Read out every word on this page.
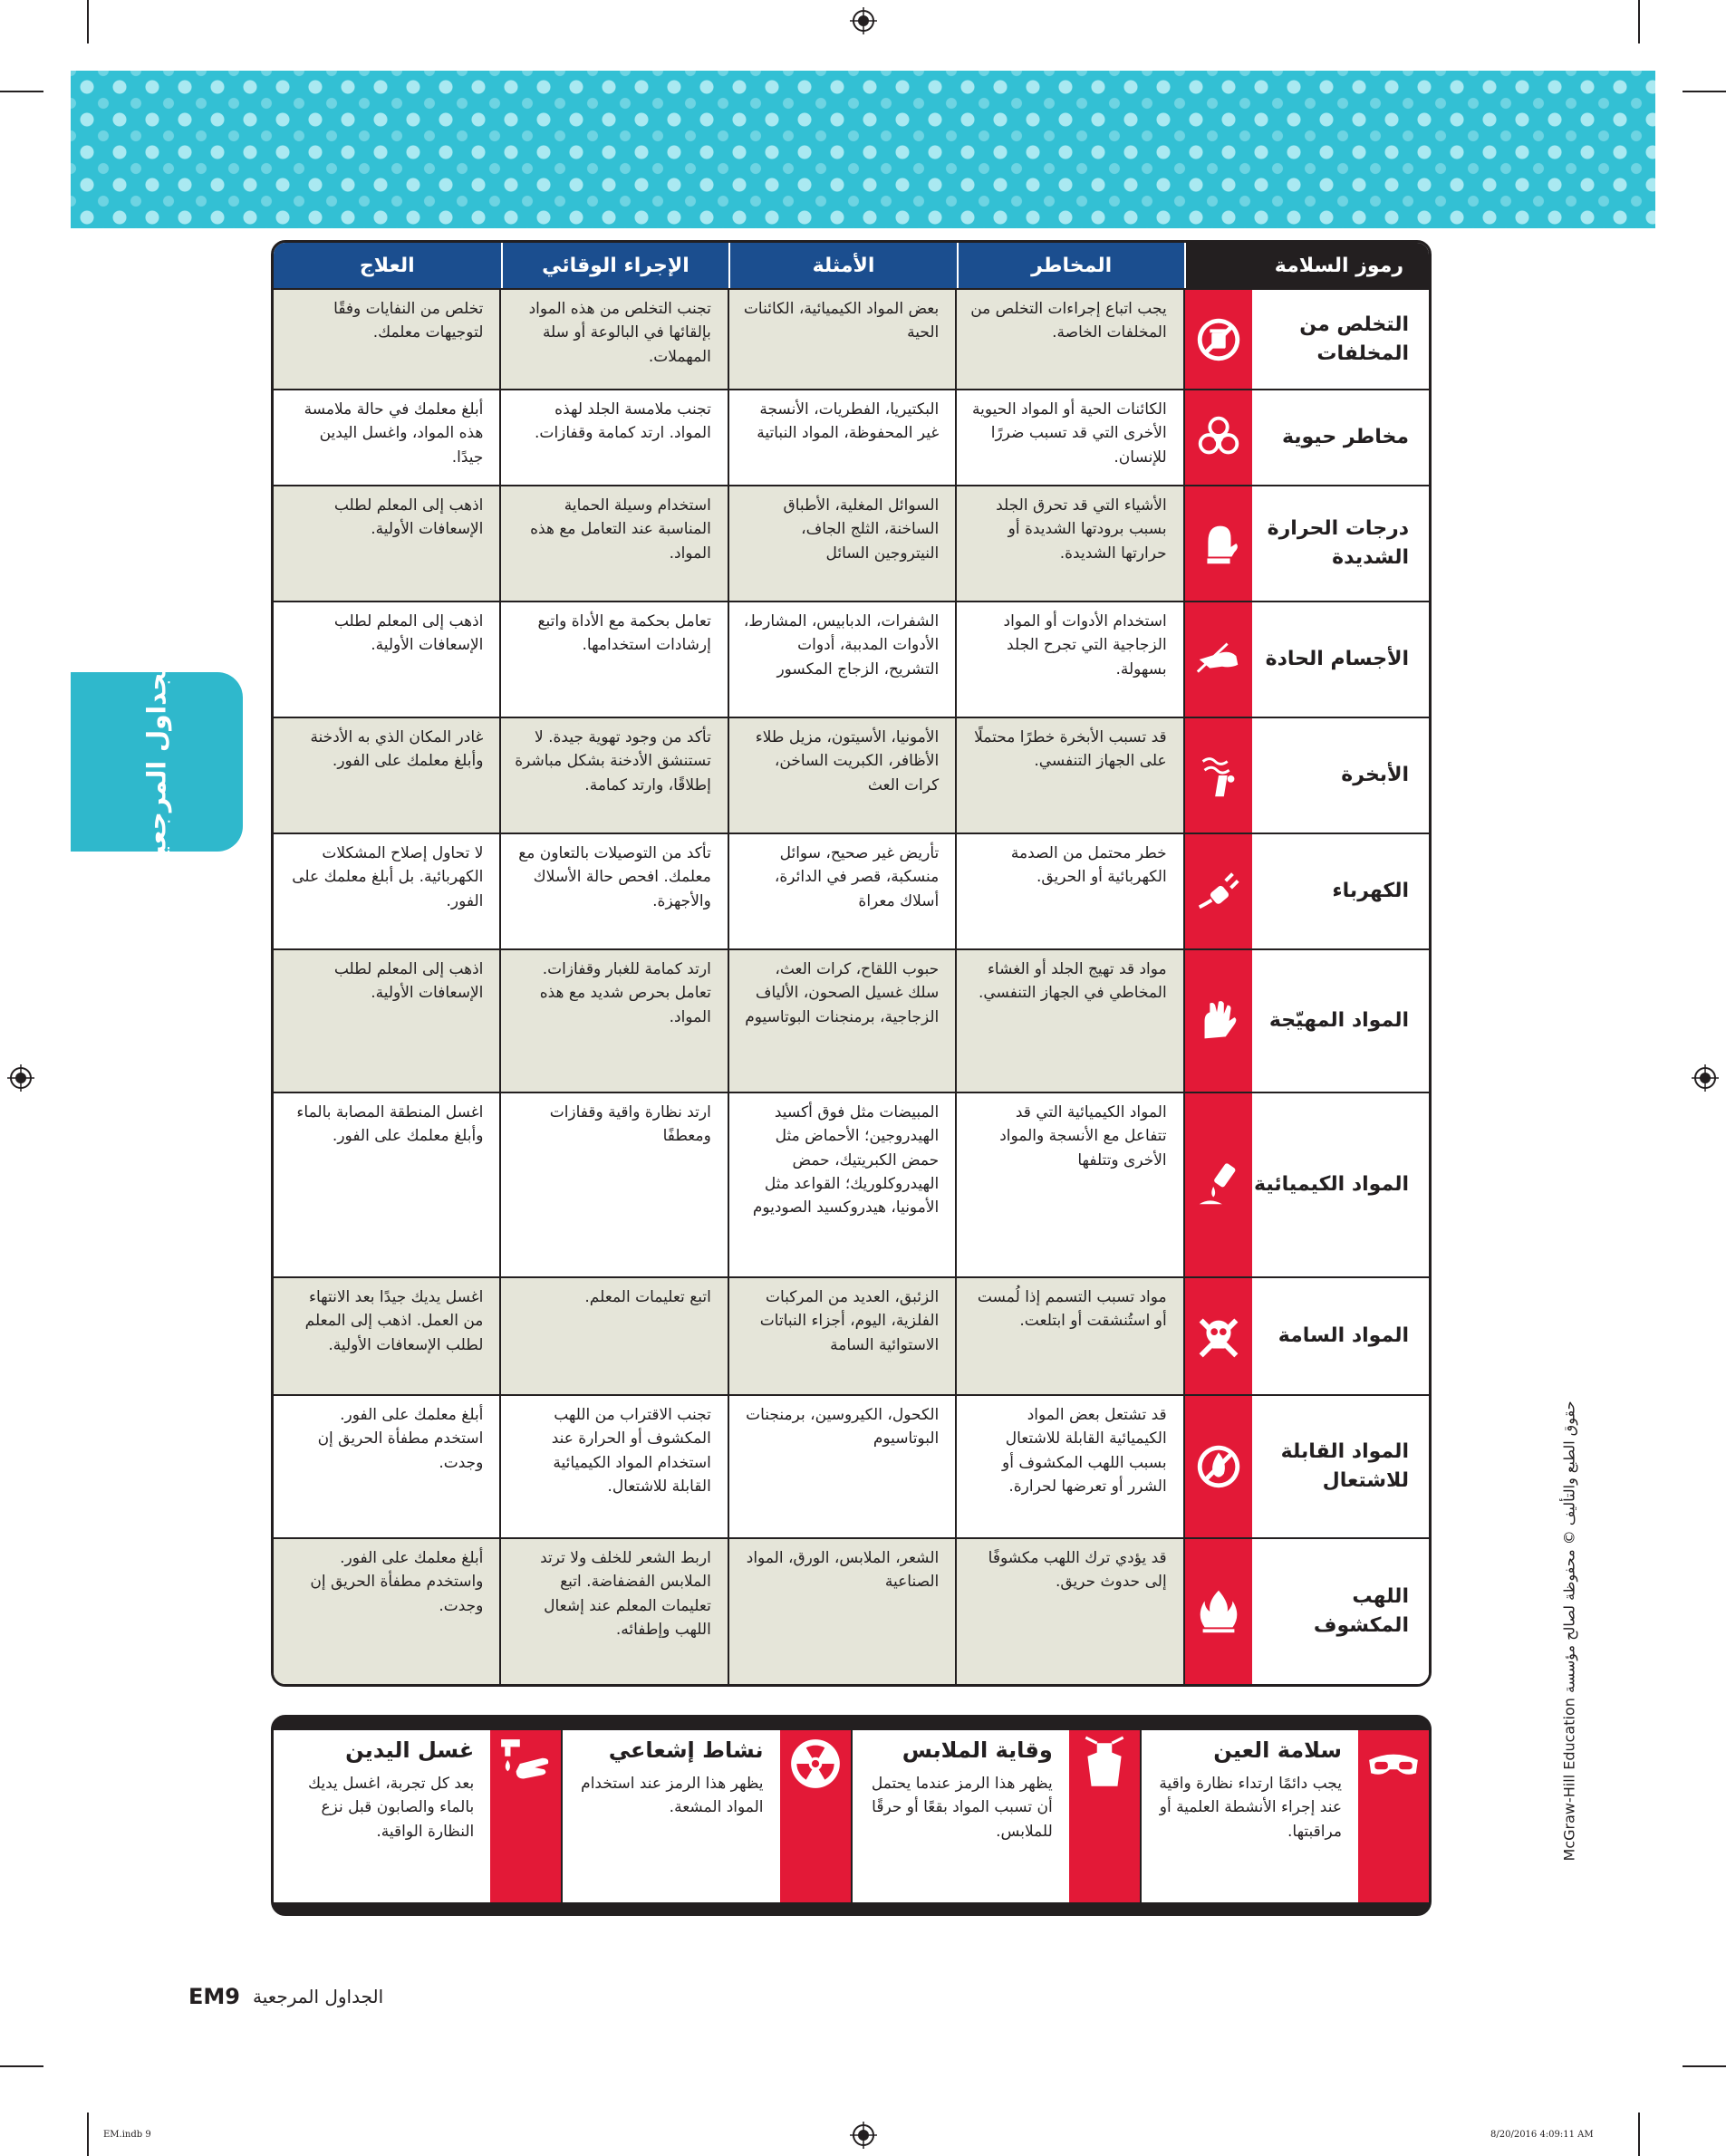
الجداول المرجعية
رموز السلامة
المخاطر
الأمثلة
الإجراء الوقائي
العلاج
التخلص من المخلفات
يجب اتباع إجراءات التخلص من المخلفات الخاصة.
بعض المواد الكيميائية، الكائنات الحية
تجنب التخلص من هذه المواد بإلقائها في البالوعة أو سلة المهملات.
تخلص من النفايات وفقًا لتوجيهات معلمك.
مخاطر حيوية
الكائنات الحية أو المواد الحيوية الأخرى التي قد تسبب ضررًا للإنسان.
البكتيريا، الفطريات، الأنسجة غير المحفوظة، المواد النباتية
تجنب ملامسة الجلد لهذه المواد. ارتد كمامة وقفازات.
أبلغ معلمك في حالة ملامسة هذه المواد، واغسل اليدين جيدًا.
درجات الحرارة الشديدة
الأشياء التي قد تحرق الجلد بسبب برودتها الشديدة أو حرارتها الشديدة.
السوائل المغلية، الأطباق الساخنة، الثلج الجاف، النيتروجين السائل
استخدام وسيلة الحماية المناسبة عند التعامل مع هذه المواد.
اذهب إلى المعلم لطلب الإسعافات الأولية.
الأجسام الحادة
استخدام الأدوات أو المواد الزجاجية التي تجرح الجلد بسهولة.
الشفرات، الدبابيس، المشارط، الأدوات المدببة، أدوات التشريح، الزجاج المكسور
تعامل بحكمة مع الأداة واتبع إرشادات استخدامها.
اذهب إلى المعلم لطلب الإسعافات الأولية.
الأبخرة
قد تسبب الأبخرة خطرًا محتملًا على الجهاز التنفسي.
الأمونيا، الأسيتون، مزيل طلاء الأظافر، الكبريت الساخن، كرات العث
تأكد من وجود تهوية جيدة. لا تستنشق الأدخنة بشكل مباشرة إطلاقًا، وارتد كمامة.
غادر المكان الذي به الأدخنة وأبلغ معلمك على الفور.
الكهرباء
خطر محتمل من الصدمة الكهربائية أو الحريق.
تأريض غير صحيح، سوائل منسكبة، قصر في الدائرة، أسلاك معراة
تأكد من التوصيلات بالتعاون مع معلمك. افحص حالة الأسلاك والأجهزة.
لا تحاول إصلاح المشكلات الكهربائية. بل أبلغ معلمك على الفور.
المواد المهيّجة
مواد قد تهيج الجلد أو الغشاء المخاطي في الجهاز التنفسي.
حبوب اللقاح، كرات العث، سلك غسيل الصحون، الألياف الزجاجية، برمنجنات البوتاسيوم
ارتد كمامة للغبار وقفازات. تعامل بحرص شديد مع هذه المواد.
اذهب إلى المعلم لطلب الإسعافات الأولية.
المواد الكيميائية
المواد الكيميائية التي قد تتفاعل مع الأنسجة والمواد الأخرى وتتلفها
المبيضات مثل فوق أكسيد الهيدروجين؛ الأحماض مثل حمض الكبريتيك، حمض الهيدروكلوريك؛ القواعد مثل الأمونيا، هيدروكسيد الصوديوم
ارتد نظارة واقية وقفازات ومعطفًا
اغسل المنطقة المصابة بالماء وأبلغ معلمك على الفور.
المواد السامة
مواد تسبب التسمم إذا لُمست أو استُنشقت أو ابتلعت.
الزئبق، العديد من المركبات الفلزية، اليوم، أجزاء النباتات الاستوائية السامة
اتبع تعليمات المعلم.
اغسل يديك جيدًا بعد الانتهاء من العمل. اذهب إلى المعلم لطلب الإسعافات الأولية.
المواد القابلة للاشتعال
قد تشتعل بعض المواد الكيميائية القابلة للاشتعال بسبب اللهب المكشوف أو الشرر أو تعرضها لحرارة.
الكحول، الكيروسين، برمنجنات البوتاسيوم
تجنب الاقتراب من اللهب المكشوف أو الحرارة عند استخدام المواد الكيميائية القابلة للاشتعال.
أبلغ معلمك على الفور. استخدم مطفأة الحريق إن وجدت.
اللهب المكشوف
قد يؤدي ترك اللهب مكشوفًا إلى حدوث حريق.
الشعر، الملابس، الورق، المواد الصناعية
اربط الشعر للخلف ولا ترتد الملابس الفضفاضة. اتبع تعليمات المعلم عند إشعال اللهب وإطفائه.
أبلغ معلمك على الفور. واستخدم مطفأة الحريق إن وجدت.
سلامة العين
يجب دائمًا ارتداء نظارة واقية عند إجراء الأنشطة العلمية أو مراقبتها.
وقاية الملابس
يظهر هذا الرمز عندما يحتمل أن تسبب المواد بقعًا أو حرقًا للملابس.
نشاط إشعاعي
يظهر هذا الرمز عند استخدام المواد المشعة.
غسل اليدين
بعد كل تجربة، اغسل يديك بالماء والصابون قبل نزع النظارة الواقية.
الجداول المرجعية
EM9
حقوق الطبع والتأليف © محفوظة لصالح مؤسسة McGraw-Hill Education
EM.indb 9	8/20/2016 4:09:11 AM
